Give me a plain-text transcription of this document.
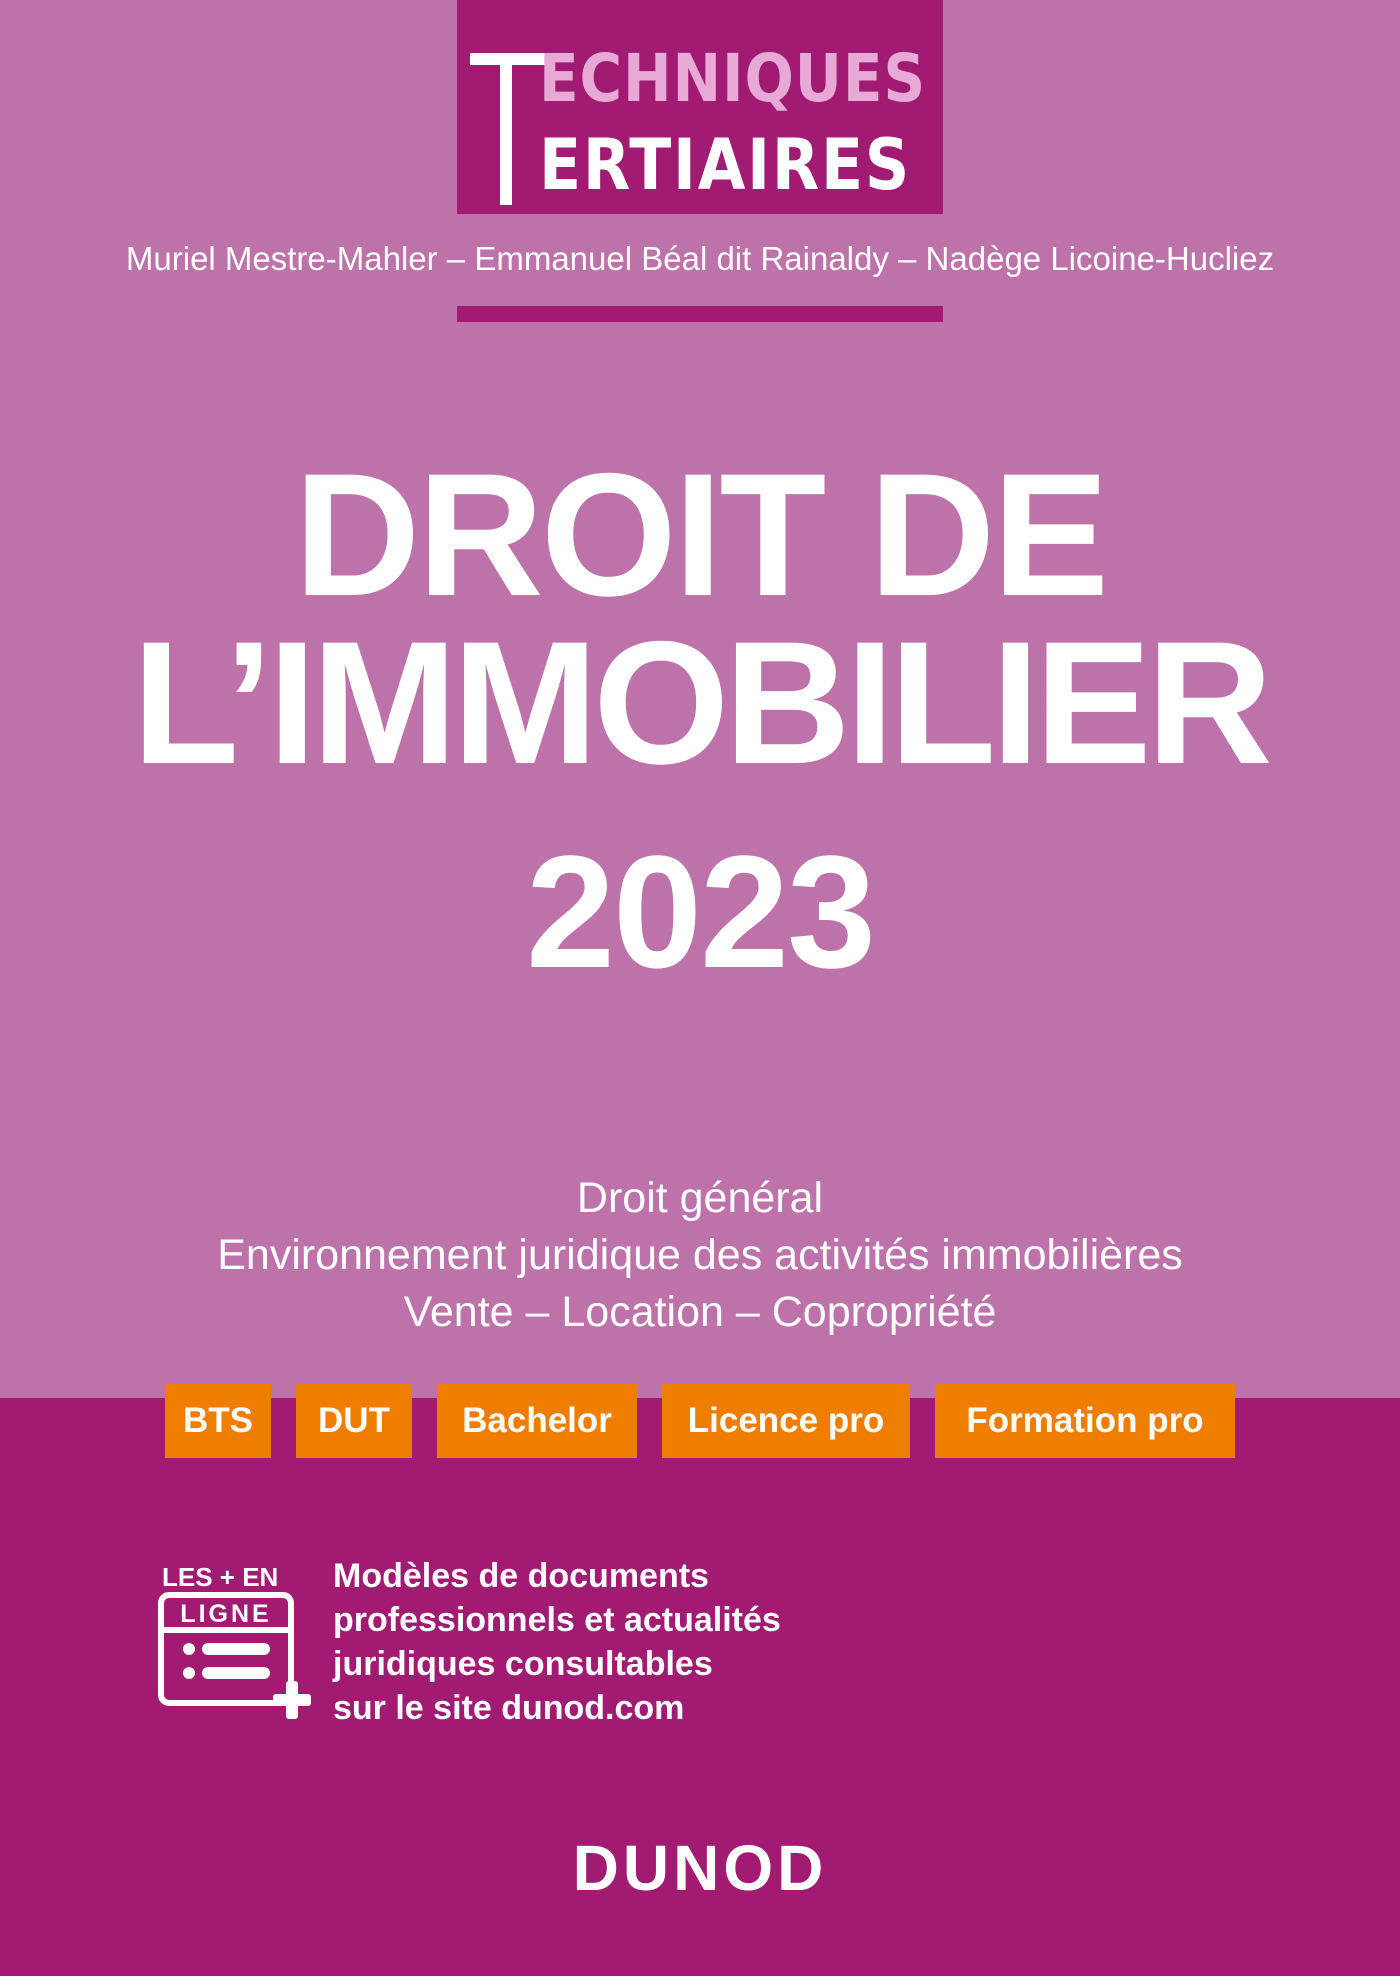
ECHNIQUES
ERTIAIRES
Muriel Mestre-Mahler – Emmanuel Béal dit Rainaldy – Nadège Licoine-Hucliez
DROIT DE
L’IMMOBILIER
2023
Droit général
Environnement juridique des activités immobilières
Vente – Location – Copropriété
BTS	DUT	Bachelor	Licence pro	Formation pro
LES + EN
LIGNE
Modèles de documents
professionnels et actualités
juridiques consultables
sur le site dunod.com
DUNOD
